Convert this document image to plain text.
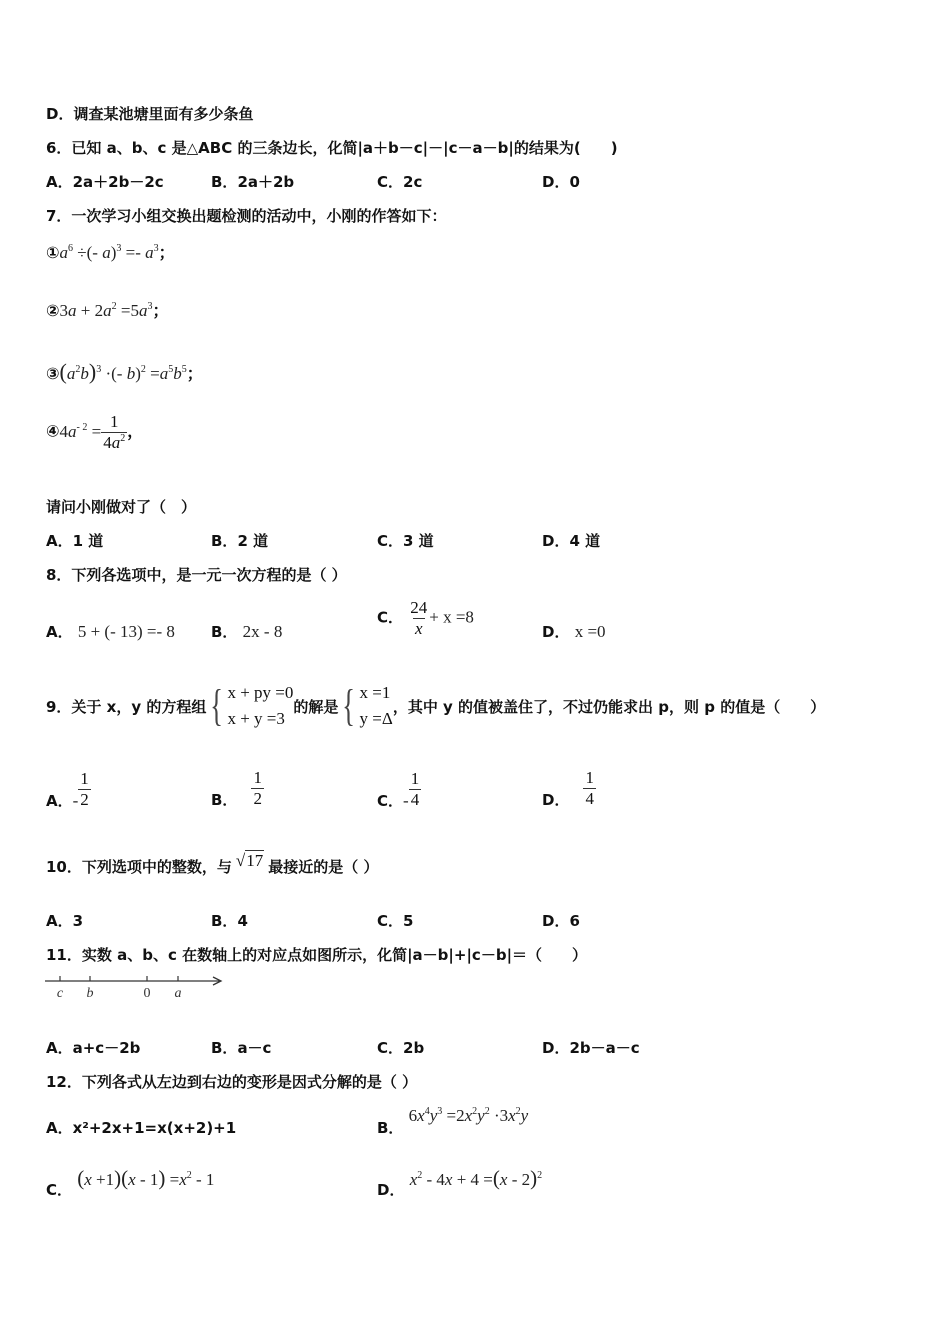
D．调查某池塘里面有多少条鱼
6．已知 a、b、c 是△ABC 的三条边长，化简|a＋b－c|－|c－a－b|的结果为(　　)
A．2a＋2b－2c	B．2a＋2b	C．2c	D．0
7．一次学习小组交换出题检测的活动中，小刚的作答如下：
$①a^6$ ÷(- $a)^3 =- a^3$；
②3a + $2a^2 =5a^3$；
$③(a^2b)^3$ ·(- $b)^2 =a^5b^5$；
$④4a^{- 2} = \frac{1}{4a^2}$ ，
请问小刚做对了（　）
A．1 道	B．2 道	C．3 道	D．4 道
8．下列各选项中，是一元一次方程的是（ ）
A． 5 + (- 13) =- 8 B． 2x - 8
C． $\frac{24}{x} + x =8$
D． x =0
9．关于 x，y 的方程组 { x + py =0
x + y =3
的解是 { x =1
y =Δ
，其中 y 的值被盖住了，不过仍能求出 p，则 p 的值是（　　）
A． - $\frac{1}{2}$	B． $\frac{1}{2}$	C． - $\frac{1}{4}$	D． $\frac{1}{4}$
10．下列选项中的整数，与 √17 最接近的是（ ）
A．3	B．4	C．5	D．6
11．实数 a、b、c 在数轴上的对应点如图所示，化简|a－b|+|c－b|＝（　　）
c b	0 a
A．a+c－2b	B．a－c	C．2b	D．2b－a－c
12．下列各式从左边到右边的变形是因式分解的是（ ）
A．x²+2x+1=x(x+2)+1	B． $6x^4y^3 =2x^2y^2 \cdot 3x^2y$
C． $(x +1)(x - 1) =x^2 - 1$
D． $x^2 - 4x + 4 =(x - 2)^2$
